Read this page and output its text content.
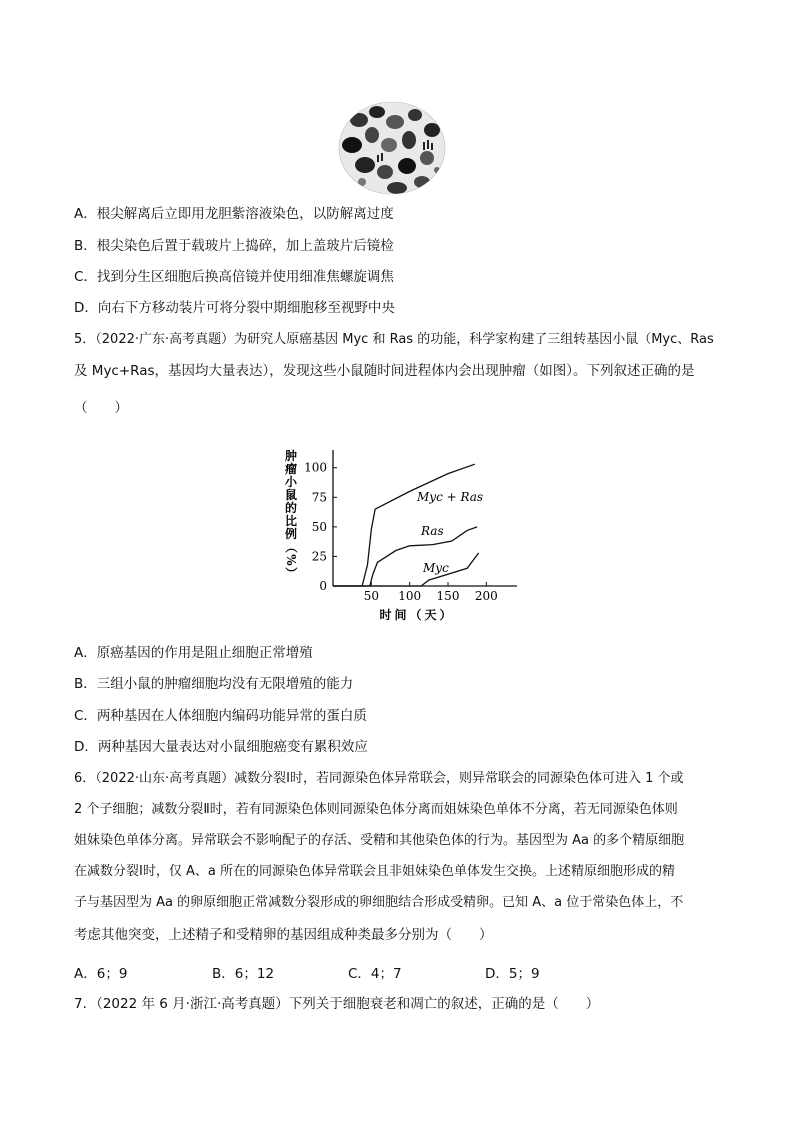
A．根尖解离后立即用龙胆紫溶液染色，以防解离过度
B．根尖染色后置于载玻片上捣碎，加上盖玻片后镜检
C．找到分生区细胞后换高倍镜并使用细准焦螺旋调焦
D．向右下方移动装片可将分裂中期细胞移至视野中央
5．（2022·广东·高考真题）为研究人原癌基因 Myc 和 Ras 的功能，科学家构建了三组转基因小鼠（Myc、Ras
及 Myc+Ras，基因均大量表达），发现这些小鼠随时间进程体内会出现肿瘤（如图）。下列叙述正确的是
（　　）
肿
瘤
小
鼠
的
比
例
（
%
）
0
25
50
75
100
50 100 150 200
Myc + Ras
Ras
Myc
时间（天）
A．原癌基因的作用是阻止细胞正常增殖
B．三组小鼠的肿瘤细胞均没有无限增殖的能力
C．两种基因在人体细胞内编码功能异常的蛋白质
D．两种基因大量表达对小鼠细胞癌变有累积效应
6．（2022·山东·高考真题）减数分裂Ⅰ时，若同源染色体异常联会，则异常联会的同源染色体可进入 1 个或
2 个子细胞；减数分裂Ⅱ时，若有同源染色体则同源染色体分离而姐妹染色单体不分离，若无同源染色体则
姐妹染色单体分离。异常联会不影响配子的存活、受精和其他染色体的行为。基因型为 Aa 的多个精原细胞
在减数分裂Ⅰ时，仅 A、a 所在的同源染色体异常联会且非姐妹染色单体发生交换。上述精原细胞形成的精
子与基因型为 Aa 的卵原细胞正常减数分裂形成的卵细胞结合形成受精卵。已知 A、a 位于常染色体上，不
考虑其他突变，上述精子和受精卵的基因组成种类最多分别为（　　）
A．6；9	B．6；12	C．4；7	D．5；9
7．（2022 年 6 月·浙江·高考真题）下列关于细胞衰老和凋亡的叙述，正确的是（　　）
